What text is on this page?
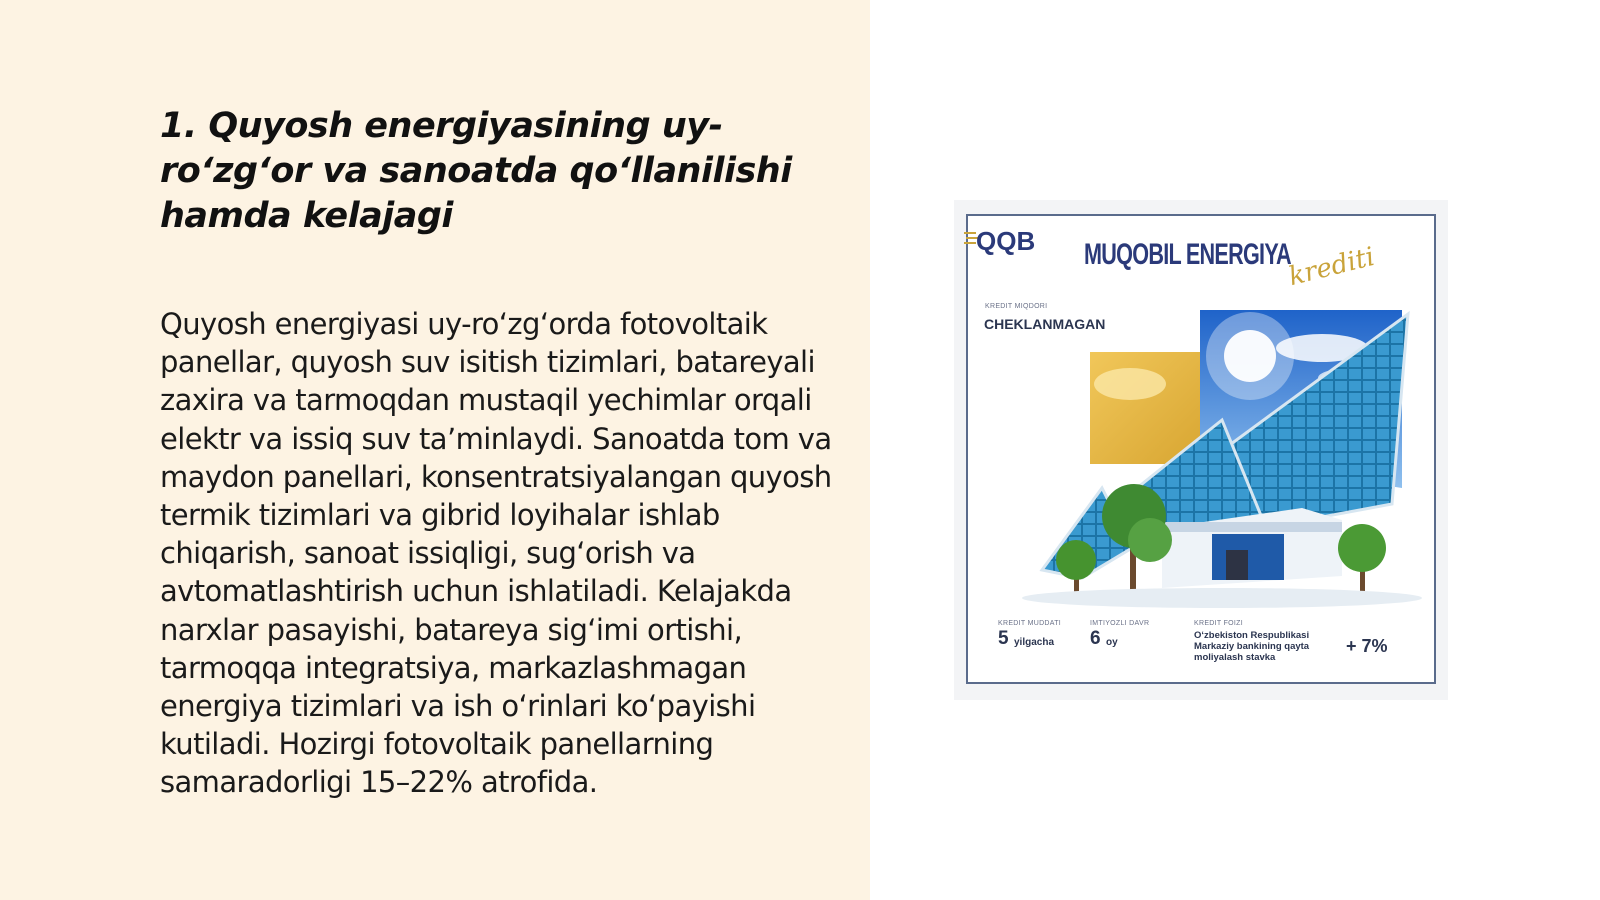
1. Quyosh energiyasining uy-ro‘zg‘or va sanoatda qo‘llanilishi hamda kelajagi

Quyosh energiyasi uy-ro‘zg‘orda fotovoltaik panellar, quyosh suv isitish tizimlari, batareyali zaxira va tarmoqdan mustaqil yechimlar orqali elektr va issiq suv ta’minlaydi. Sanoatda tom va maydon panellari, konsentratsiyalangan quyosh termik tizimlari va gibrid loyihalar ishlab chiqarish, sanoat issiqligi, sug‘orish va avtomatlashtirish uchun ishlatiladi. Kelajakda narxlar pasayishi, batareya sig‘imi ortishi, tarmoqqa integratsiya, markazlashmagan energiya tizimlari va ish o‘rinlari ko‘payishi kutiladi. Hozirgi fotovoltaik panellarning samaradorligi 15–22% atrofida.

QQB MUQOBIL ENERGIYA
krediti
KREDIT MIQDORI
CHEKLANMAGAN
KREDIT MUDDATI
5 yilgacha
IMTIYOZLI DAVR
6 oy
KREDIT FOIZI
O‘zbekiston Respublikasi Markaziy bankining qayta moliyalash stavka
+ 7%
